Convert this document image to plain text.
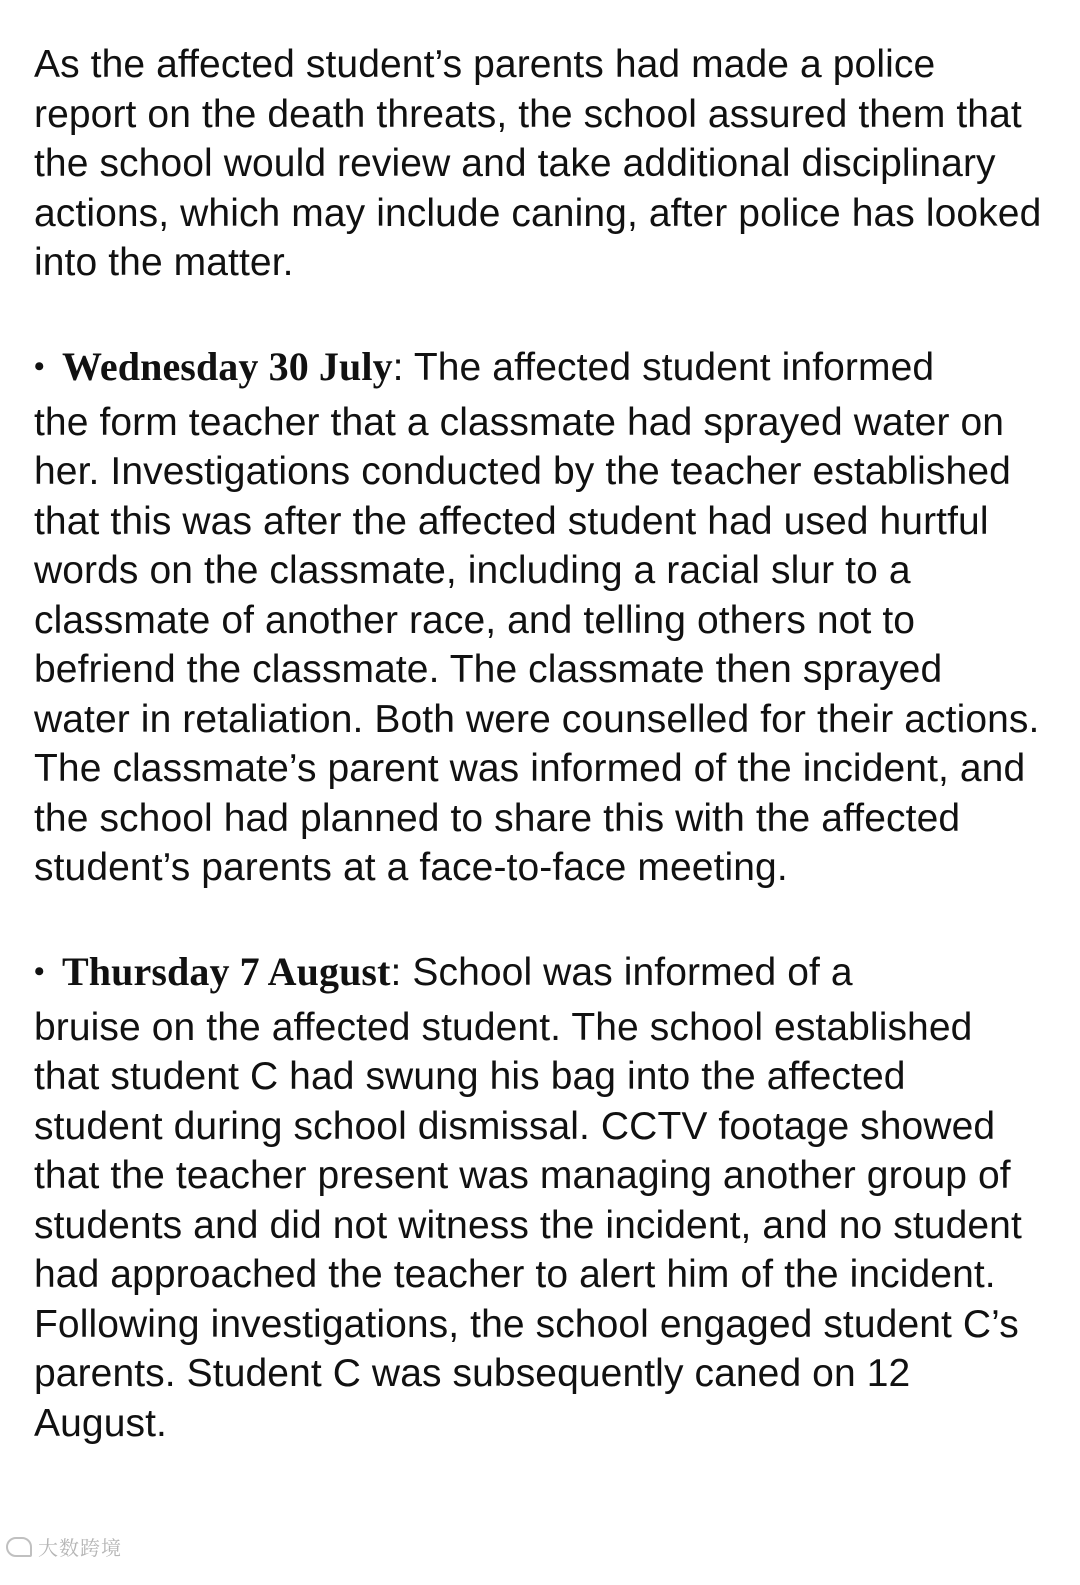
As the affected student’s parents had made a police report on the death threats, the school assured them that the school would review and take additional disciplinary actions, which may include caning, after police has looked into the matter.

• Wednesday 30 July: The affected student informed
the form teacher that a classmate had sprayed water on her. Investigations conducted by the teacher established that this was after the affected student had used hurtful words on the classmate, including a racial slur to a classmate of another race, and telling others not to befriend the classmate. The classmate then sprayed water in retaliation. Both were counselled for their actions. The classmate’s parent was informed of the incident, and the school had planned to share this with the affected student’s parents at a face-to-face meeting.

• Thursday 7 August: School was informed of a
bruise on the affected student. The school established that student C had swung his bag into the affected student during school dismissal. CCTV footage showed that the teacher present was managing another group of students and did not witness the incident, and no student had approached the teacher to alert him of the incident. Following investigations, the school engaged student C’s parents. Student C was subsequently caned on 12 August.

大数跨境
